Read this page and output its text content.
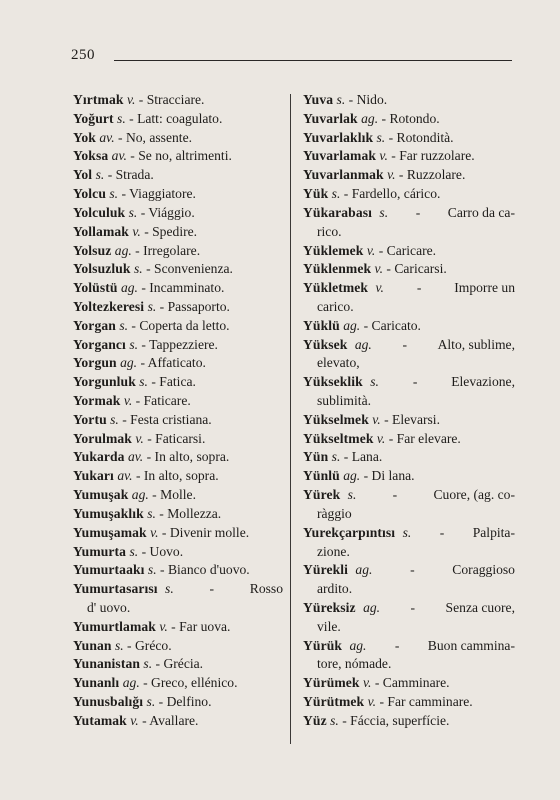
250
Yırtmak v. - Stracciare.
Yoğurt s. - Latt: coagulato.
Yok av. - No, assente.
Yoksa av. - Se no, altrimenti.
Yol s. - Strada.
Yolcu s. - Viaggiatore.
Yolculuk s. - Viággio.
Yollamak v. - Spedire.
Yolsuz ag. - Irregolare.
Yolsuzluk s. - Sconvenienza.
Yolüstü ag. - Incamminato.
Yoltezkeresi s. - Passaporto.
Yorgan s. - Coperta da letto.
Yorgancı s. - Tappezziere.
Yorgun ag. - Affaticato.
Yorgunluk s. - Fatica.
Yormak v. - Faticare.
Yortu s. - Festa cristiana.
Yorulmak v. - Faticarsi.
Yukarda av. - In alto, sopra.
Yukarı av. - In alto, sopra.
Yumuşak ag. - Molle.
Yumuşaklık s. - Mollezza.
Yumuşamak v. - Divenir molle.
Yumurta s. - Uovo.
Yumurtaakı s. - Bianco d'uovo.
Yumurtasarısı s.	-	Rosso
d' uovo.
Yumurtlamak v. - Far uova.
Yunan s. - Gréco.
Yunanistan s. - Grécia.
Yunanlı ag. - Greco, ellénico.
Yunusbalığı s. - Delfino.
Yutamak v. - Avallare.
Yuva s. - Nido.
Yuvarlak ag. - Rotondo.
Yuvarlaklık s. - Rotondità.
Yuvarlamak v. - Far ruzzolare.
Yuvarlanmak v. - Ruzzolare.
Yük s. - Fardello, cárico.
Yükarabası s. - Carro da ca-
rico.
Yüklemek v. - Caricare.
Yüklenmek v. - Caricarsi.
Yükletmek v. - Imporre un
carico.
Yüklü ag. - Caricato.
Yüksek ag. - Alto, sublime,
elevato,
Yükseklik s. - Elevazione,
sublimità.
Yükselmek v. - Elevarsi.
Yükseltmek v. - Far elevare.
Yün s. - Lana.
Yünlü ag. - Di lana.
Yürek s.	-	Cuore, (ag. co-
ràggio
Yurekçarpıntısı s. - Palpita-
zione.
Yürekli ag.	-	Coraggioso
ardito.
Yüreksiz ag. - Senza cuore,
vile.
Yürük ag. - Buon cammina-
tore, nómade.
Yürümek v. - Camminare.
Yürütmek v. - Far camminare.
Yüz s. - Fáccia, superfície.
